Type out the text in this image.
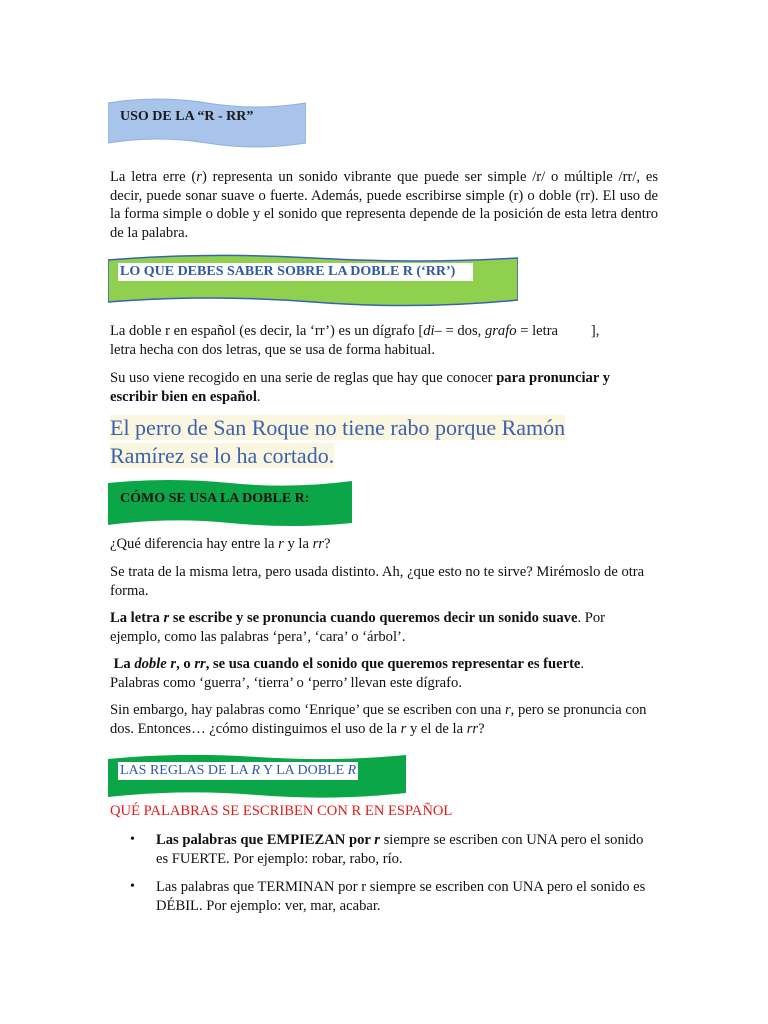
USO DE LA “R - RR”

La letra erre (r) representa un sonido vibrante que puede ser simple /r/ o múltiple /rr/, es decir, puede sonar suave o fuerte. Además, puede escribirse simple (r) o doble (rr). El uso de la forma simple o doble y el sonido que representa depende de la posición de esta letra dentro de la palabra.

LO QUE DEBES SABER SOBRE LA DOBLE R (‘RR’)

La doble r en español (es decir, la ‘rr’) es un dígrafo [di– = dos, grafo = letra         ],
letra hecha con dos letras, que se usa de forma habitual.

Su uso viene recogido en una serie de reglas que hay que conocer para pronunciar y escribir bien en español.

El perro de San Roque no tiene rabo porque Ramón Ramírez se lo ha cortado.

CÓMO SE USA LA DOBLE R:

¿Qué diferencia hay entre la r y la rr?

Se trata de la misma letra, pero usada distinto. Ah, ¿que esto no te sirve? Mirémoslo de otra forma.

La letra r se escribe y se pronuncia cuando queremos decir un sonido suave. Por ejemplo, como las palabras ‘pera’, ‘cara’ o ‘árbol’.

La doble r, o rr, se usa cuando el sonido que queremos representar es fuerte.
Palabras como ‘guerra’, ‘tierra’ o ‘perro’ llevan este dígrafo.

Sin embargo, hay palabras como ‘Enrique’ que se escriben con una r, pero se pronuncia con dos. Entonces… ¿cómo distinguimos el uso de la r y el de la rr?

LAS REGLAS DE LA R Y LA DOBLE R

QUÉ PALABRAS SE ESCRIBEN CON R EN ESPAÑOL

• Las palabras que EMPIEZAN por r siempre se escriben con UNA pero el sonido es FUERTE. Por ejemplo: robar, rabo, río.
• Las palabras que TERMINAN por r siempre se escriben con UNA pero el sonido es DÉBIL. Por ejemplo: ver, mar, acabar.
